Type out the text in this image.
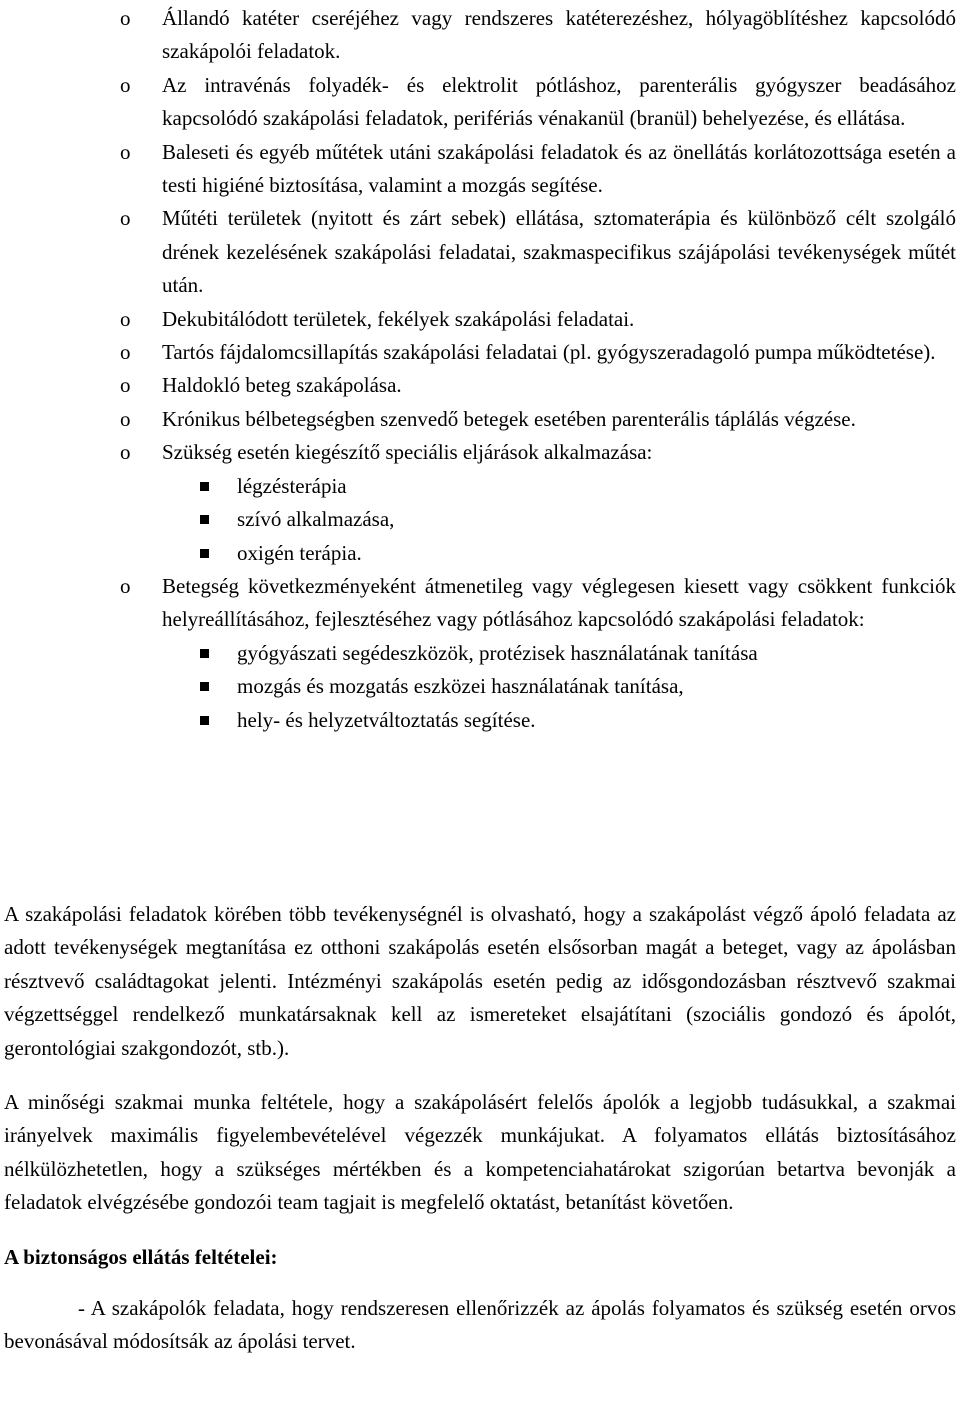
o Állandó katéter cseréjéhez vagy rendszeres katéterezéshez, hólyagöblítéshez kapcsolódó szakápolói feladatok.
o Az intravénás folyadék- és elektrolit pótláshoz, parenterális gyógyszer beadásához kapcsolódó szakápolási feladatok, perifériás vénakanül (branül) behelyezése, és ellátása.
o Baleseti és egyéb műtétek utáni szakápolási feladatok és az önellátás korlátozottsága esetén a testi higiéné biztosítása, valamint a mozgás segítése.
o Műtéti területek (nyitott és zárt sebek) ellátása, sztomaterápia és különböző célt szolgáló drének kezelésének szakápolási feladatai, szakmaspecifikus szájápolási tevékenységek műtét után.
o Dekubitálódott területek, fekélyek szakápolási feladatai.
o Tartós fájdalomcsillapítás szakápolási feladatai (pl. gyógyszeradagoló pumpa működtetése).
o Haldokló beteg szakápolása.
o Krónikus bélbetegségben szenvedő betegek esetében parenterális táplálás végzése.
o Szükség esetén kiegészítő speciális eljárások alkalmazása:
légzésterápia
szívó alkalmazása,
oxigén terápia.
o Betegség következményeként átmenetileg vagy véglegesen kiesett vagy csökkent funkciók helyreállításához, fejlesztéséhez vagy pótlásához kapcsolódó szakápolási feladatok:
gyógyászati segédeszközök, protézisek használatának tanítása
mozgás és mozgatás eszközei használatának tanítása,
hely- és helyzetváltoztatás segítése.

A szakápolási feladatok körében több tevékenységnél is olvasható, hogy a szakápolást végző ápoló feladata az adott tevékenységek megtanítása ez otthoni szakápolás esetén elsősorban magát a beteget, vagy az ápolásban résztvevő családtagokat jelenti. Intézményi szakápolás esetén pedig az idősgondozásban résztvevő szakmai végzettséggel rendelkező munkatársaknak kell az ismereteket elsajátítani (szociális gondozó és ápolót, gerontológiai szakgondozót, stb.).

A minőségi szakmai munka feltétele, hogy a szakápolásért felelős ápolók a legjobb tudásukkal, a szakmai irányelvek maximális figyelembevételével végezzék munkájukat. A folyamatos ellátás biztosításához nélkülözhetetlen, hogy a szükséges mértékben és a kompetenciahatárokat szigorúan betartva bevonják a feladatok elvégzésébe gondozói team tagjait is megfelelő oktatást, betanítást követően.

A biztonságos ellátás feltételei:

- A szakápolók feladata, hogy rendszeresen ellenőrizzék az ápolás folyamatos és szükség esetén orvos bevonásával módosítsák az ápolási tervet.
